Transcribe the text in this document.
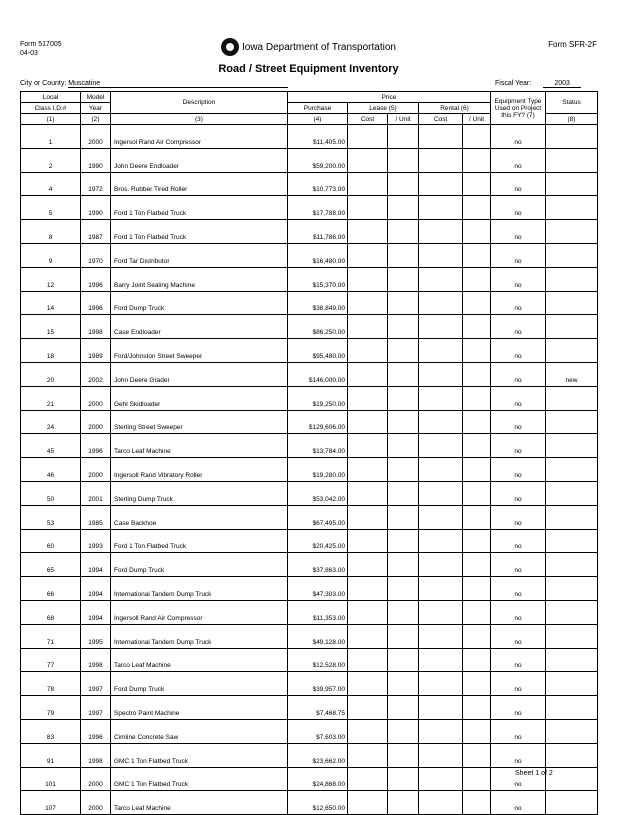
Form 517005
04-03
Iowa Department of Transportation	Form SFR-2F
Road / Street Equipment Inventory
City or County: Muscatine	Fiscal Year:	2003
Local	Model	Description	Price					Equipment Type Used on Project this FY? (7)	Status
Class I.D.#	Year		Purchase	Lease (5)		Rental (6)			
(1)	(2)	(3)	(4)	Cost	/ Unit	Cost	/ Unit		(8)
1	2000	Ingersol Rand Air Compressor	$11,405.00					no	
2	1990	John Deere Endloader	$59,200.00					no	
4	1972	Bros. Rubber Tired Roller	$10,773.00					no	
5	1990	Ford 1 Ton Flatbed Truck	$17,788.00					no	
8	1987	Ford 1 Ton Flatbed Truck	$11,786.00					no	
9	1970	Ford Tar Distributor	$16,480.00					no	
12	1996	Barry Joint Sealing Machine	$15,370.00					no	
14	1996	Ford Dump Truck	$38,849.00					no	
15	1998	Case Endloader	$86,250.00					no	
18	1989	Ford/Johnston Street Sweeper	$95,480.00					no	
20	2002	John Deere Grader	$146,000.00					no	new
21	2000	Gehl Skidloader	$19,250.00					no	
24	2000	Sterling Street Sweeper	$129,606.00					no	
45	1996	Tarco Leaf Machine	$13,784.00					no	
46	2000	Ingersoll Rand Vibratory Roller	$19,280.00					no	
50	2001	Sterling Dump Truck	$53,042.00					no	
53	1985	Case Backhoe	$67,495.00					no	
60	1993	Ford 1 Ton Flatbed Truck	$20,425.00					no	
65	1994	Ford Dump Truck	$37,863.00					no	
66	1994	International Tandem Dump Truck	$47,303.00					no	
68	1994	Ingersoll Rand Air Compressor	$11,353.00					no	
71	1995	International Tandem Dump Truck	$49,128.00					no	
77	1998	Tarco Leaf Machine	$12,528.00					no	
78	1997	Ford Dump Truck	$39,957.00					no	
79	1997	Spectro Paint Machine	$7,468.75					no	
83	1996	Cimline Concrete Saw	$7,603.00					no	
91	1998	GMC 1 Ton Flatbed Truck	$23,662.00					no	
101	2000	GMC 1 Ton Flatbed Truck	$24,868.00					no	
107	2000	Tarco Leaf Machine	$12,650.00					no	
Sheet 1 of 2
